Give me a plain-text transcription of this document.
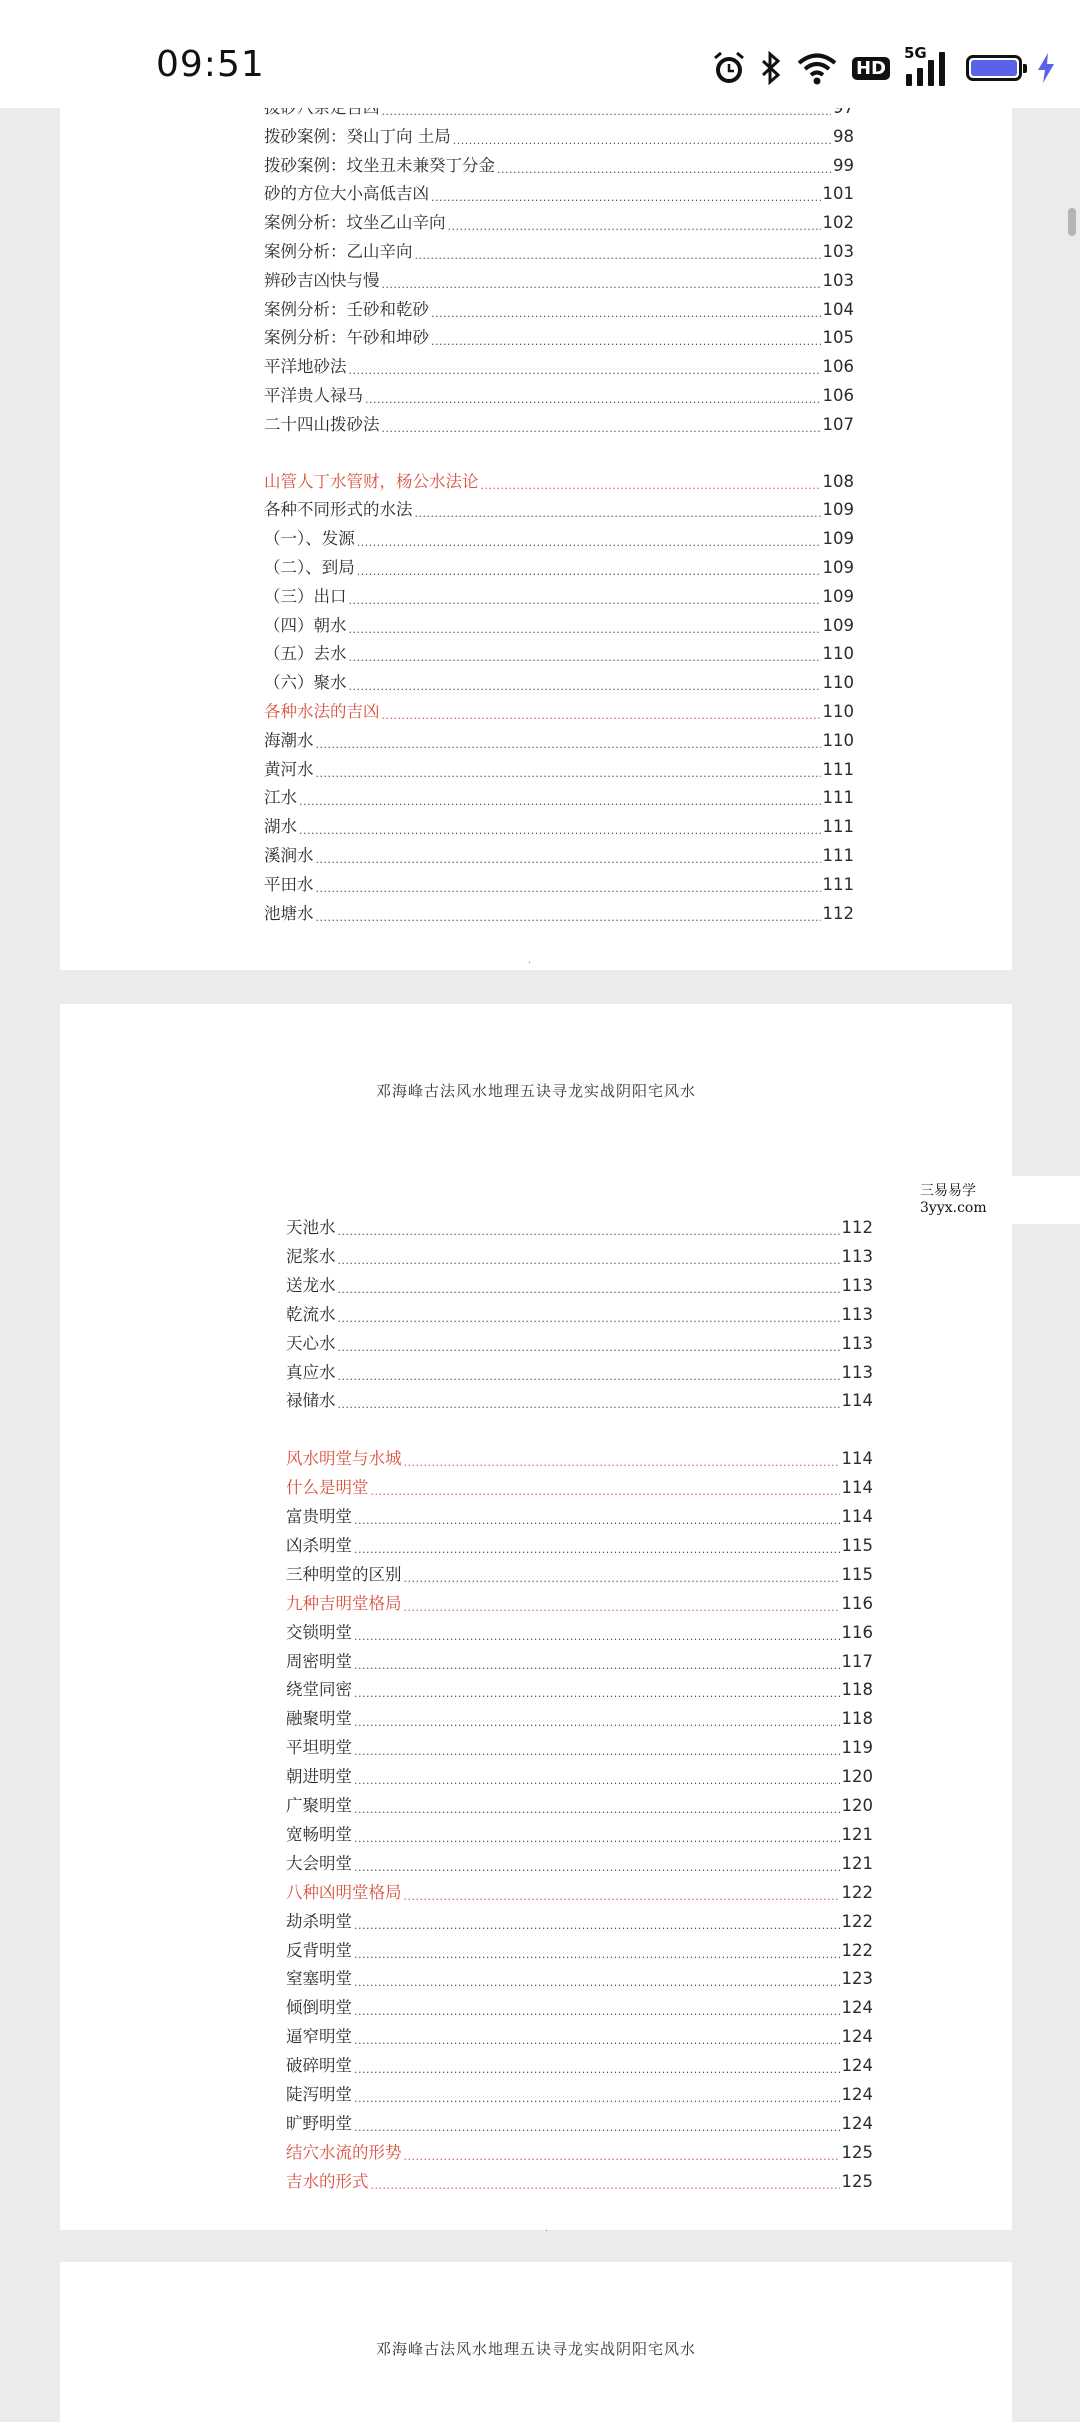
09:51	HD
5G
.....
拨砂案例：癸山丁向 土局 .....	98
拨砂案例：坟坐丑未兼癸丁分金 .....	99
砂的方位大小高低吉凶 .....	101
案例分析：坟坐乙山辛向 .....	102
案例分析：乙山辛向 .....	103
辨砂吉凶快与慢 .....	103
案例分析：壬砂和乾砂 .....	104
案例分析：午砂和坤砂 .....	105
平洋地砂法 .....	106
平洋贵人禄马 .....	106
二十四山拨砂法 .....	107
山管人丁水管财，杨公水法论 .....	108
各种不同形式的水法 .....	109
（一）、发源 .....	109
（二）、到局 .....	109
（三）出口 .....	109
（四）朝水 .....	109
（五）去水 .....	110
（六）聚水 .....	110
各种水法的吉凶 .....	110
海潮水 .....	110
黄河水 .....	111
江水 .....	111
湖水 .....	111
溪涧水 .....	111
平田水 .....	111
池塘水 .....	112
·
邓海峰古法风水地理五诀寻龙实战阴阳宅风水
天池水 .....	112
泥浆水 .....	113
送龙水 .....	113
乾流水 .....	113
天心水 .....	113
真应水 .....	113
禄储水 .....	114
风水明堂与水城 .....	114
什么是明堂 .....	114
富贵明堂 .....	114
凶杀明堂 .....	115
三种明堂的区别 .....	115
九种吉明堂格局 .....	116
交锁明堂 .....	116
周密明堂 .....	117
绕堂同密 .....	118
融聚明堂 .....	118
平坦明堂 .....	119
朝进明堂 .....	120
广聚明堂 .....	120
宽畅明堂 .....	121
大会明堂 .....	121
八种凶明堂格局 .....	122
劫杀明堂 .....	122
反背明堂 .....	122
窒塞明堂 .....	123
倾倒明堂 .....	124
逼窄明堂 .....	124
破碎明堂 .....	124
陡泻明堂 .....	124
旷野明堂 .....	124
结穴水流的形势 .....	125
吉水的形式 .....	125
·
邓海峰古法风水地理五诀寻龙实战阴阳宅风水
三易易学
3yyx.com
